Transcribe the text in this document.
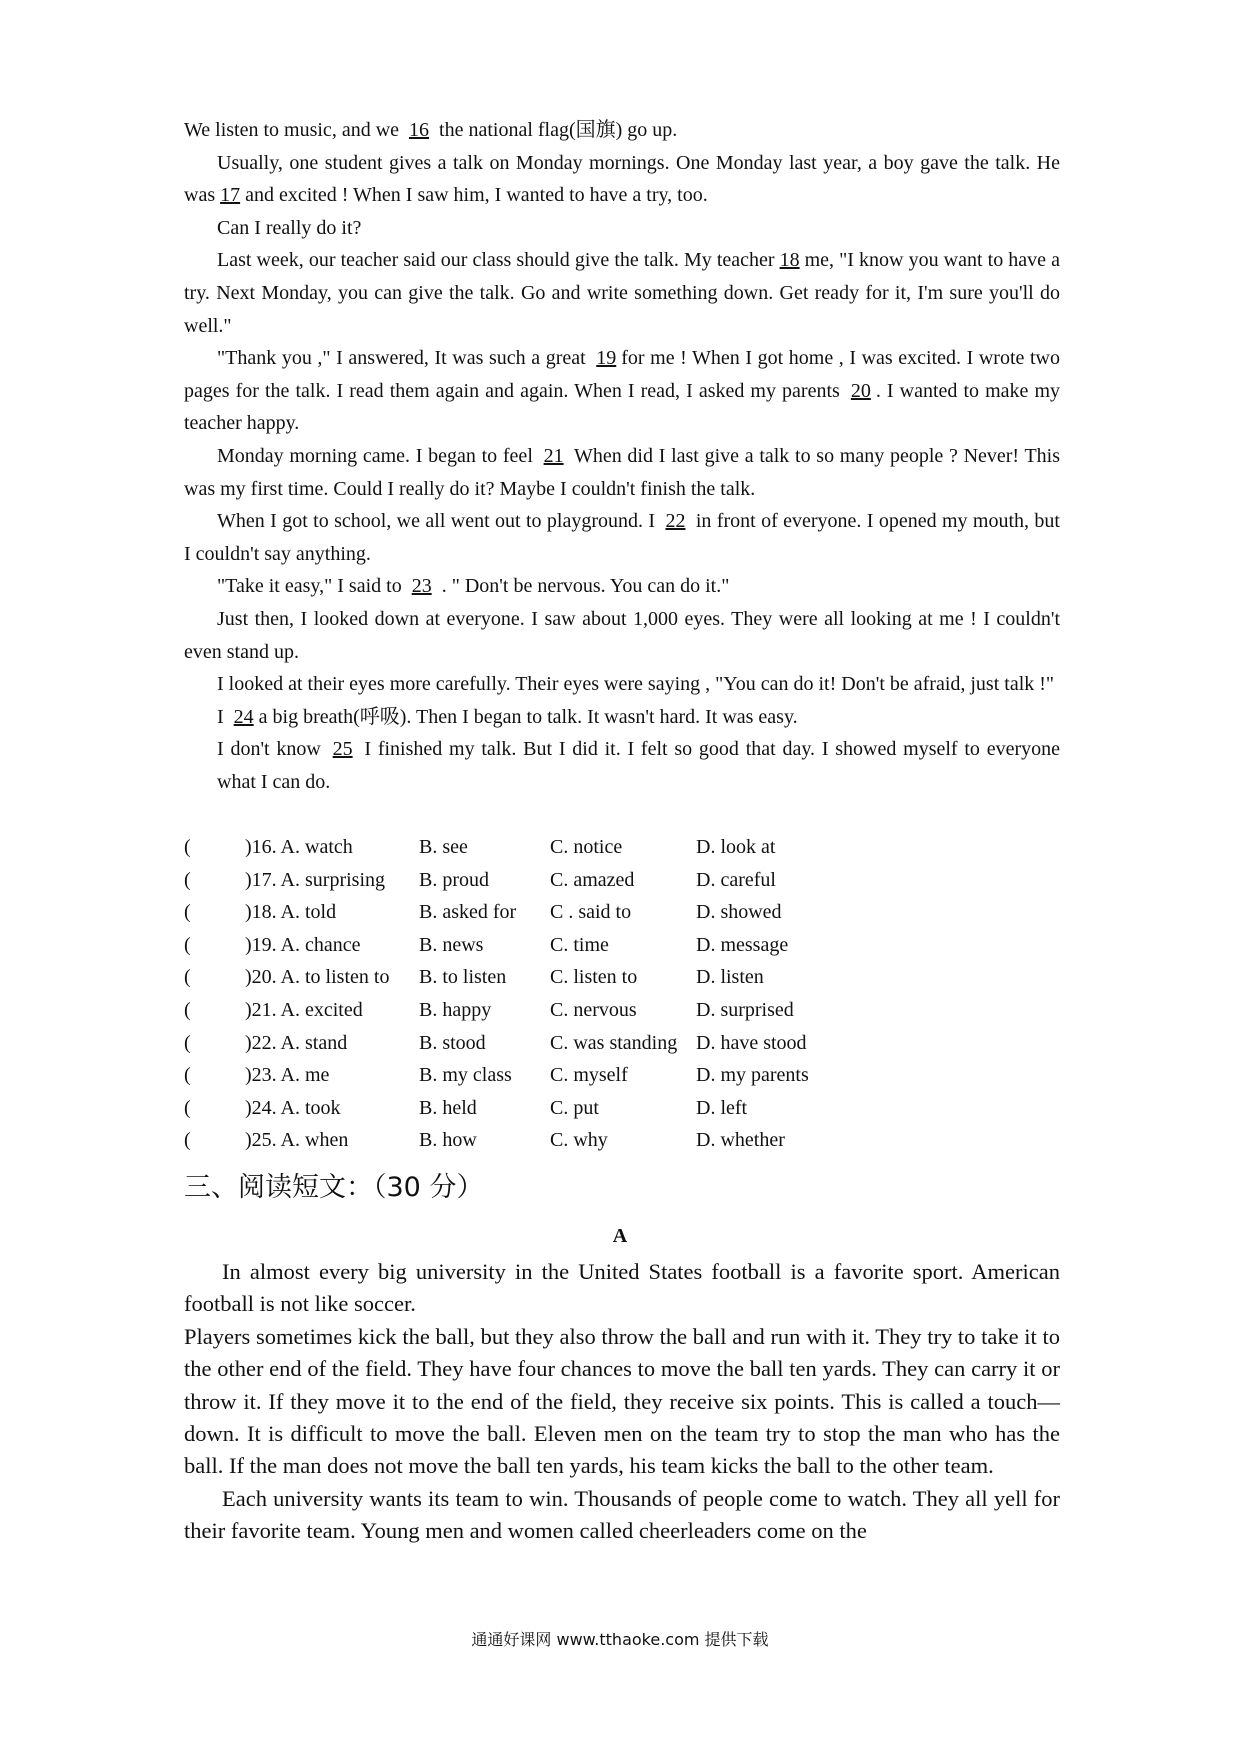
We listen to music, and we 16 the national flag(国旗) go up.

Usually, one student gives a talk on Monday mornings. One Monday last year, a boy gave the talk. He was 17 and excited ! When I saw him, I wanted to have a try, too.

Can I really do it?

Last week, our teacher said our class should give the talk. My teacher 18 me, "I know you want to have a try. Next Monday, you can give the talk. Go and write something down. Get ready for it, I'm sure you'll do well."

"Thank you ," I answered, It was such a great 19 for me ! When I got home , I was excited. I wrote two pages for the talk. I read them again and again. When I read, I asked my parents 20 . I wanted to make my teacher happy.

Monday morning came. I began to feel 21 When did I last give a talk to so many people ? Never! This was my first time. Could I really do it? Maybe I couldn't finish the talk.

When I got to school, we all went out to playground. I 22 in front of everyone. I opened my mouth, but I couldn't say anything.

"Take it easy," I said to 23 . " Don't be nervous. You can do it."

Just then, I looked down at everyone. I saw about 1,000 eyes. They were all looking at me ! I couldn't even stand up.

I looked at their eyes more carefully. Their eyes were saying , "You can do it! Don't be afraid, just talk !"

I 24 a big breath(呼吸). Then I began to talk. It wasn't hard. It was easy.

I don't know 25 I finished my talk. But I did it. I felt so good that day. I showed myself to everyone what I can do.

(	)16. A. watch	B. see	C. notice	D. look at
(	)17. A. surprising B. proud	C. amazed	D. careful
(	)18. A. told	B. asked for C . said to	D. showed
(	)19. A. chance	B. news	C. time	D. message
(	)20. A. to listen to B. to listen C. listen to	D. listen
(	)21. A. excited	B. happy	C. nervous	D. surprised
(	)22. A. stand	B. stood	C. was standing D. have stood
(	)23. A. me	B. my class C. myself	D. my parents
(	)24. A. took	B. held	C. put	D. left
(	)25. A. when	B. how	C. why	D. whether
三、阅读短文：（30 分）
A

In almost every big university in the United States football is a favorite sport. American football is not like soccer.

Players sometimes kick the ball, but they also throw the ball and run with it. They try to take it to the other end of the field. They have four chances to move the ball ten yards. They can carry it or throw it. If they move it to the end of the field, they receive six points. This is called a touch—down. It is difficult to move the ball. Eleven men on the team try to stop the man who has the ball. If the man does not move the ball ten yards, his team kicks the ball to the other team.

Each university wants its team to win. Thousands of people come to watch. They all yell for their favorite team. Young men and women called cheerleaders come on the

通通好课网 www.tthaoke.com 提供下载
